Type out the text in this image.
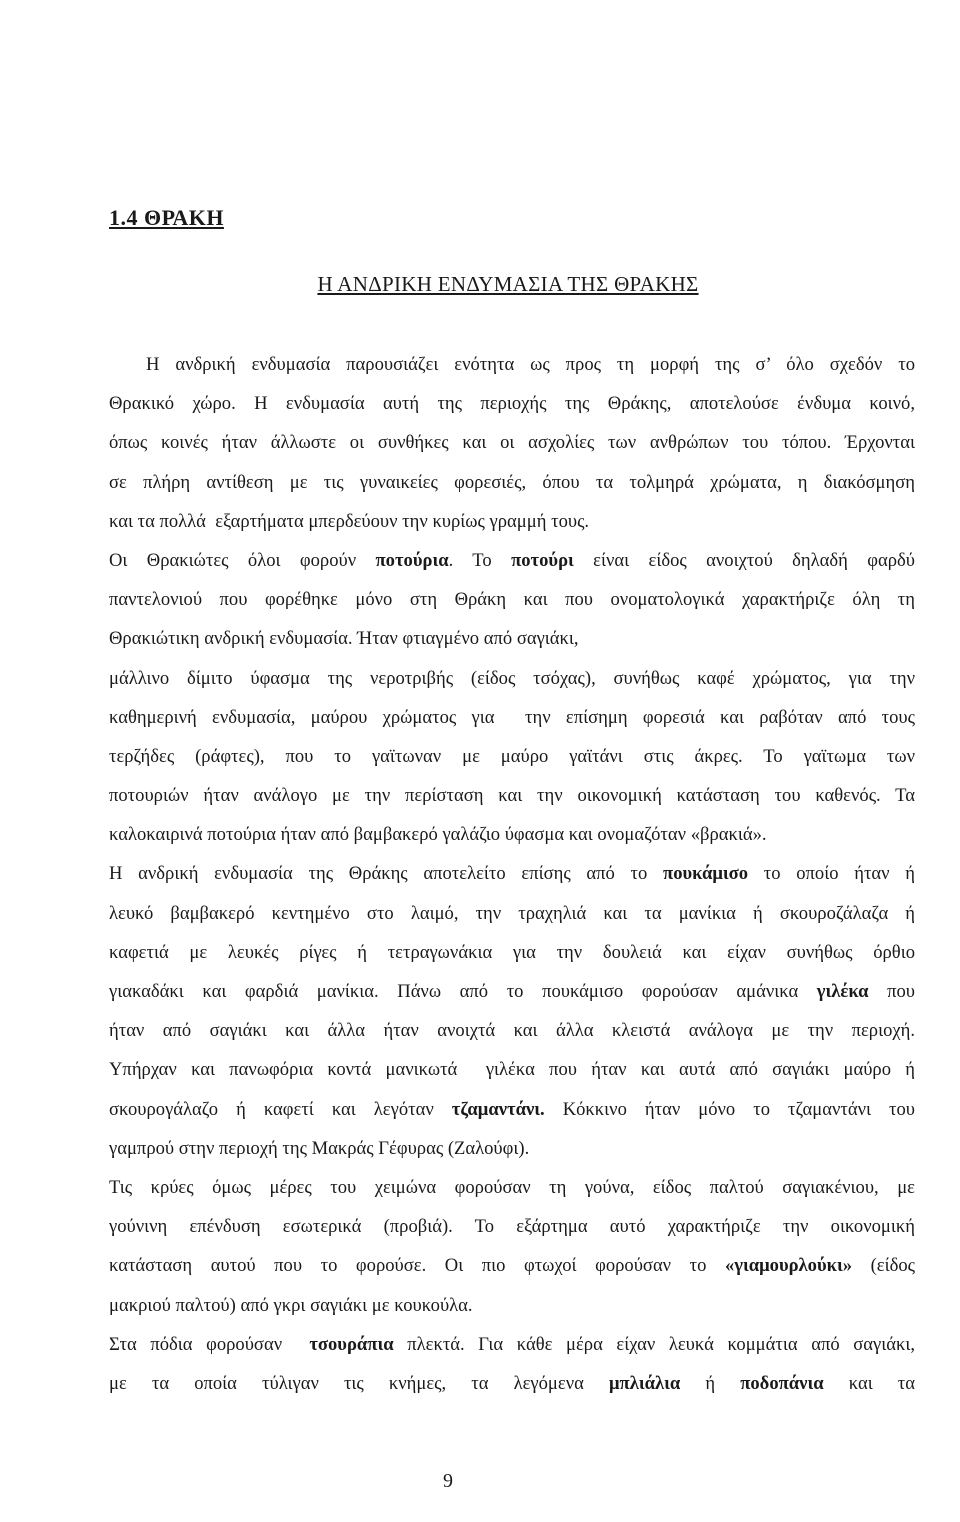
1.4 ΘΡΑΚΗ
Η ΑΝΔΡΙΚΗ ΕΝΔΥΜΑΣΙΑ ΤΗΣ ΘΡΑΚΗΣ
Η ανδρική ενδυμασία παρουσιάζει ενότητα ως προς τη μορφή της σ’ όλο σχεδόν το
Θρακικό χώρο. Η ενδυμασία αυτή της περιοχής της Θράκης, αποτελούσε ένδυμα κοινό,
όπως κοινές ήταν άλλωστε οι συνθήκες και οι ασχολίες των ανθρώπων του τόπου. Έρχονται
σε πλήρη αντίθεση με τις γυναικείες φορεσιές, όπου τα τολμηρά χρώματα, η διακόσμηση
και τα πολλά  εξαρτήματα μπερδεύουν την κυρίως γραμμή τους.
Οι Θρακιώτες όλοι φορούν ποτούρια. Το ποτούρι είναι είδος ανοιχτού δηλαδή φαρδύ
παντελονιού που φορέθηκε μόνο στη Θράκη και που ονοματολογικά χαρακτήριζε όλη τη
Θρακιώτικη ανδρική ενδυμασία. Ήταν φτιαγμένο από σαγιάκι,
μάλλινο δίμιτο ύφασμα της νεροτριβής (είδος τσόχας), συνήθως καφέ χρώματος, για την
καθημερινή ενδυμασία, μαύρου χρώματος για  την επίσημη φορεσιά και ραβόταν από τους
τερζήδες (ράφτες), που το γαϊτωναν με μαύρο γαϊτάνι στις άκρες. Το γαϊτωμα των
ποτουριών ήταν ανάλογο με την περίσταση και την οικονομική κατάσταση του καθενός. Τα
καλοκαιρινά ποτούρια ήταν από βαμβακερό γαλάζιο ύφασμα και ονομαζόταν «βρακιά».
Η ανδρική ενδυμασία της Θράκης αποτελείτο επίσης από το πουκάμισο το οποίο ήταν ή
λευκό βαμβακερό κεντημένο στο λαιμό, την τραχηλιά και τα μανίκια ή σκουροζάλαζα ή
καφετιά με λευκές ρίγες ή τετραγωνάκια για την δουλειά και είχαν συνήθως όρθιο
γιακαδάκι και φαρδιά μανίκια. Πάνω από το πουκάμισο φορούσαν αμάνικα γιλέκα που
ήταν από σαγιάκι και άλλα ήταν ανοιχτά και άλλα κλειστά ανάλογα με την περιοχή.
Υπήρχαν και πανωφόρια κοντά μανικωτά  γιλέκα που ήταν και αυτά από σαγιάκι μαύρο ή
σκουρογάλαζο ή καφετί και λεγόταν τζαμαντάνι. Κόκκινο ήταν μόνο το τζαμαντάνι του
γαμπρού στην περιοχή της Μακράς Γέφυρας (Ζαλούφι).
Τις κρύες όμως μέρες του χειμώνα φορούσαν τη γούνα, είδος παλτού σαγιακένιου, με
γούνινη επένδυση εσωτερικά (προβιά). Το εξάρτημα αυτό χαρακτήριζε την οικονομική
κατάσταση αυτού που το φορούσε. Οι πιο φτωχοί φορούσαν το «γιαμουρλούκι» (είδος
μακριού παλτού) από γκρι σαγιάκι με κουκούλα.
Στα πόδια φορούσαν  τσουράπια πλεκτά. Για κάθε μέρα είχαν λευκά κομμάτια από σαγιάκι,
με τα οποία τύλιγαν τις κνήμες, τα λεγόμενα μπλιάλια ή ποδοπάνια και τα
9
